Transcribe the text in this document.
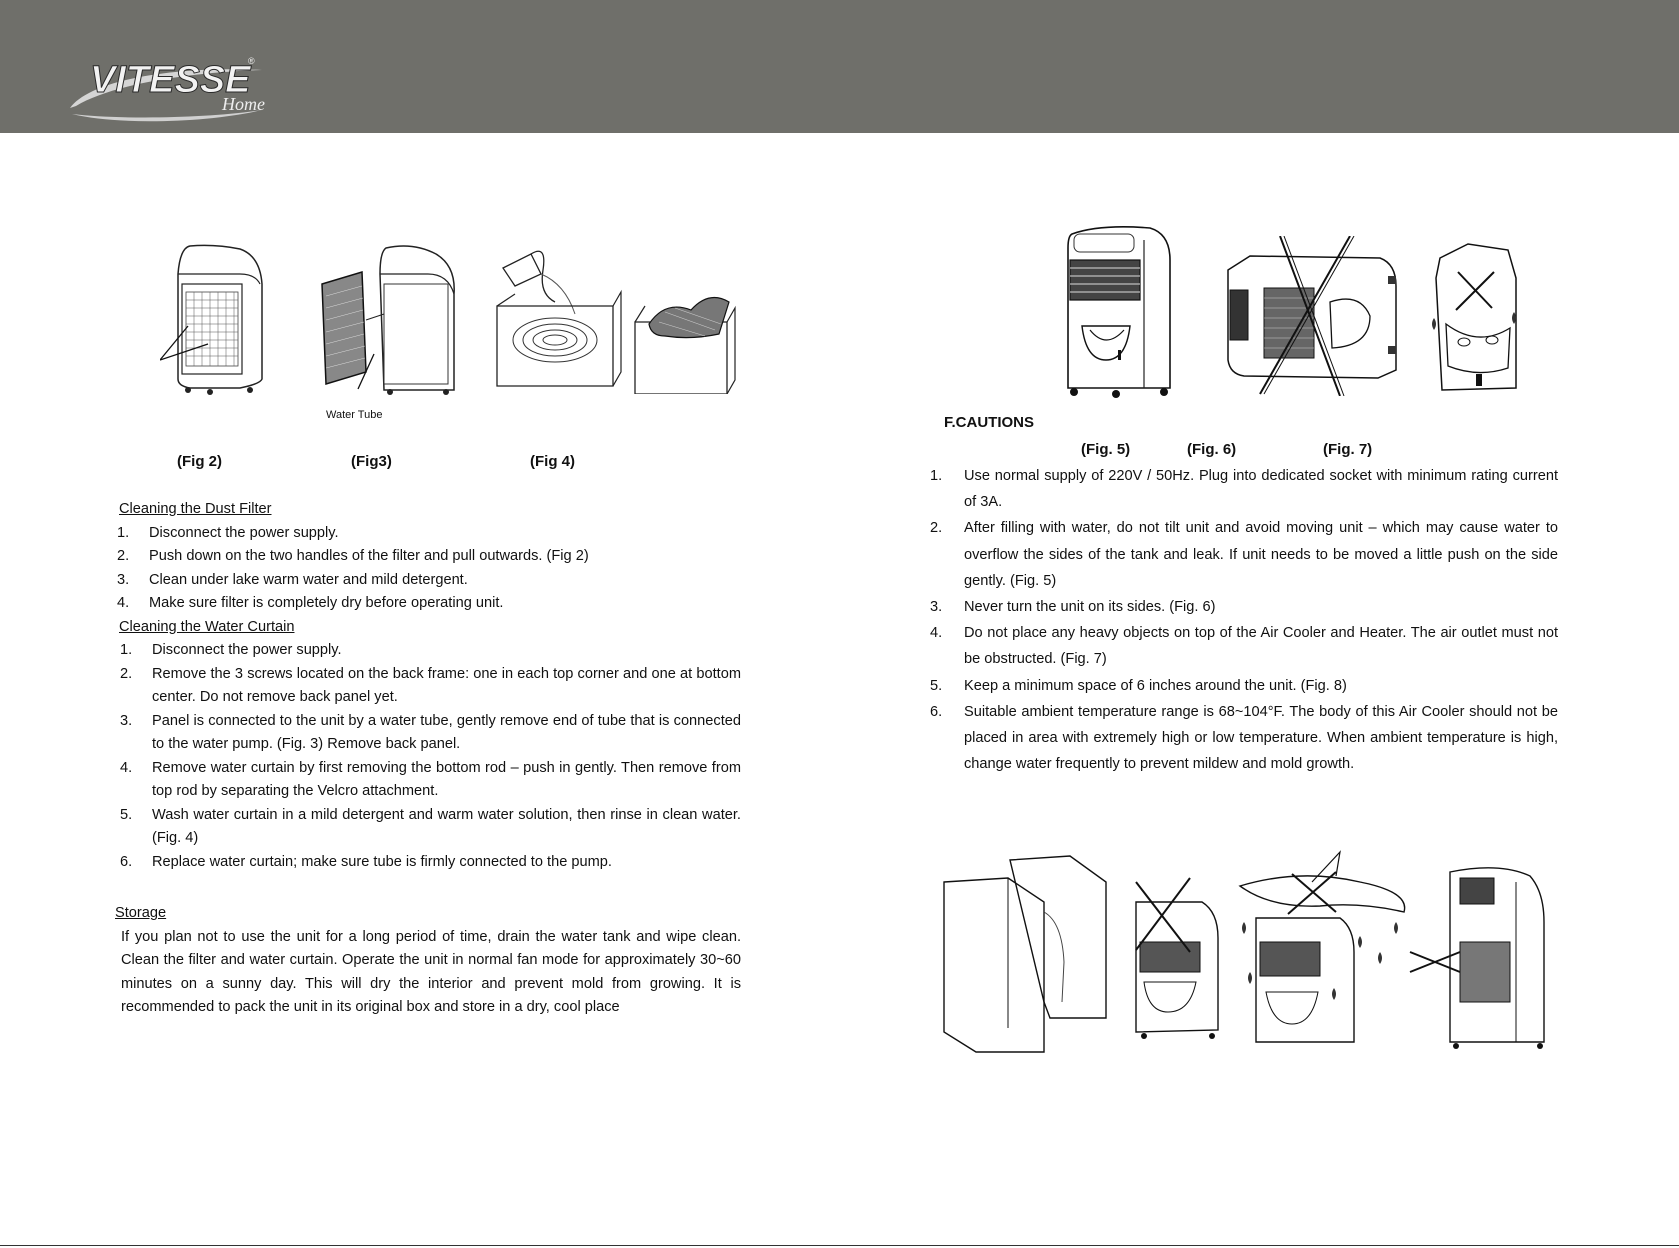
VITESSE
®
Home
Water Tube
(Fig 2)	(Fig3)	(Fig 4)
Cleaning the Dust Filter
1.	Disconnect the power supply.
2.	Push down on the two handles of the filter and pull outwards. (Fig 2)
3.	Clean under lake warm water and mild detergent.
4.	Make sure filter is completely dry before operating unit.
Cleaning the Water Curtain
1.	Disconnect the power supply.
2.	Remove the 3 screws located on the back frame: one in each top corner and one at bottom center. Do not remove back panel yet.
3.	Panel is connected to the unit by a water tube, gently remove end of tube that is connected to the water pump. (Fig. 3) Remove back panel.
4.	Remove water curtain by first removing the bottom rod – push in gently. Then remove from top rod by separating the Velcro attachment.
5.	Wash water curtain in a mild detergent and warm water solution, then rinse in clean water. (Fig. 4)
6.	Replace water curtain; make sure tube is firmly connected to the pump.
Storage
If you plan not to use the unit for a long period of time, drain the water tank and wipe clean. Clean the filter and water curtain. Operate the unit in normal fan mode for approximately 30~60 minutes on a sunny day. This will dry the interior and prevent mold from growing. It is recommended to pack the unit in its original box and store in a dry, cool place
F.CAUTIONS
(Fig. 5)	(Fig. 6)	(Fig. 7)
1.	Use normal supply of 220V / 50Hz. Plug into dedicated socket with minimum rating current of 3A.
2.	After filling with water, do not tilt unit and avoid moving unit – which may cause water to overflow the sides of the tank and leak. If unit needs to be moved a little push on the side gently. (Fig. 5)
3.	Never turn the unit on its sides. (Fig. 6)
4.	Do not place any heavy objects on top of the Air Cooler and Heater. The air outlet must not be obstructed. (Fig. 7)
5.	Keep a minimum space of 6 inches around the unit. (Fig. 8)
6.	Suitable ambient temperature range is 68~104°F. The body of this Air Cooler should not be placed in area with extremely high or low temperature. When ambient temperature is high, change water frequently to prevent mildew and mold growth.
